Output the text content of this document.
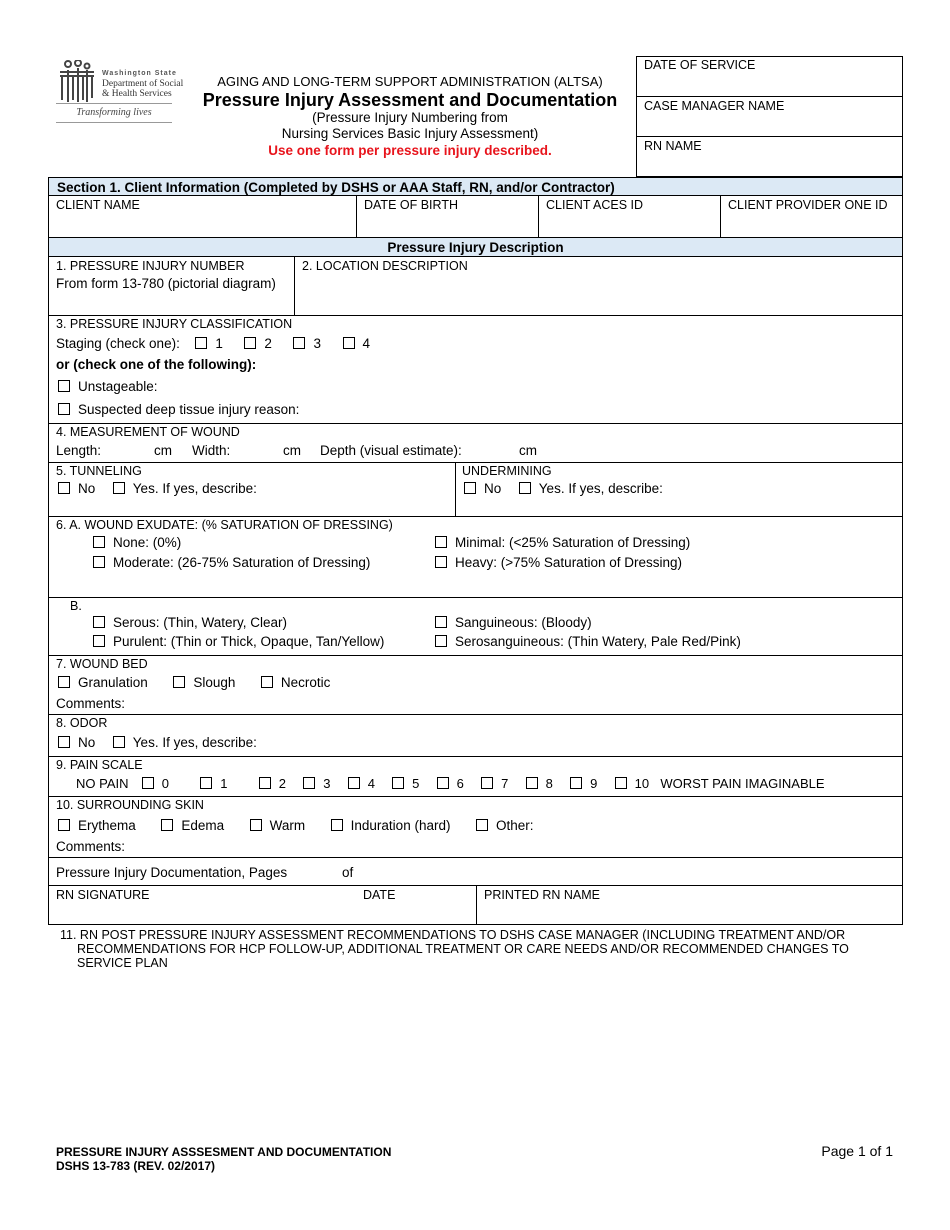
Washington State
Department of Social
& Health Services
Transforming lives
AGING AND LONG-TERM SUPPORT ADMINISTRATION (ALTSA)
Pressure Injury Assessment and Documentation
(Pressure Injury Numbering from
Nursing Services Basic Injury Assessment)
Use one form per pressure injury described.
DATE OF SERVICE
CASE MANAGER NAME
RN NAME
Section 1. Client Information (Completed by DSHS or AAA Staff, RN, and/or Contractor)
CLIENT NAME	DATE OF BIRTH	CLIENT ACES ID	CLIENT PROVIDER ONE ID
Pressure Injury Description
1. PRESSURE INJURY NUMBER
From form 13-780 (pictorial diagram)
2. LOCATION DESCRIPTION
3. PRESSURE INJURY CLASSIFICATION
Staging (check one):	1	2	3	4
or (check one of the following):
Unstageable:
Suspected deep tissue injury reason:
4. MEASUREMENT OF WOUND
Length:	cm Width:	cm Depth (visual estimate):	cm
5. TUNNELING
No	Yes. If yes, describe:
UNDERMINING
No	Yes. If yes, describe:
6. A. WOUND EXUDATE: (% SATURATION OF DRESSING)
None: (0%)	Minimal: (<25% Saturation of Dressing)
Moderate: (26-75% Saturation of Dressing)	Heavy: (>75% Saturation of Dressing)
B.
Serous: (Thin, Watery, Clear)	Sanguineous: (Bloody)
Purulent: (Thin or Thick, Opaque, Tan/Yellow)	Serosanguineous: (Thin Watery, Pale Red/Pink)
7. WOUND BED
Granulation	Slough	Necrotic
Comments:
8. ODOR
No	Yes. If yes, describe:
9. PAIN SCALE
NO PAIN	0	1	2	3	4	5	6	7	8	9	10 WORST PAIN IMAGINABLE
10. SURROUNDING SKIN
Erythema	Edema	Warm	Induration (hard)	Other:
Comments:
Pressure Injury Documentation, Pages	of
RN SIGNATURE	DATE	PRINTED RN NAME
11. RN POST PRESSURE INJURY ASSESSMENT RECOMMENDATIONS TO DSHS CASE MANAGER (INCLUDING TREATMENT AND/OR
RECOMMENDATIONS FOR HCP FOLLOW-UP, ADDITIONAL TREATMENT OR CARE NEEDS AND/OR RECOMMENDED CHANGES TO
SERVICE PLAN
PRESSURE INJURY ASSSESMENT AND DOCUMENTATION
DSHS 13-783 (REV. 02/2017)
Page 1 of 1
